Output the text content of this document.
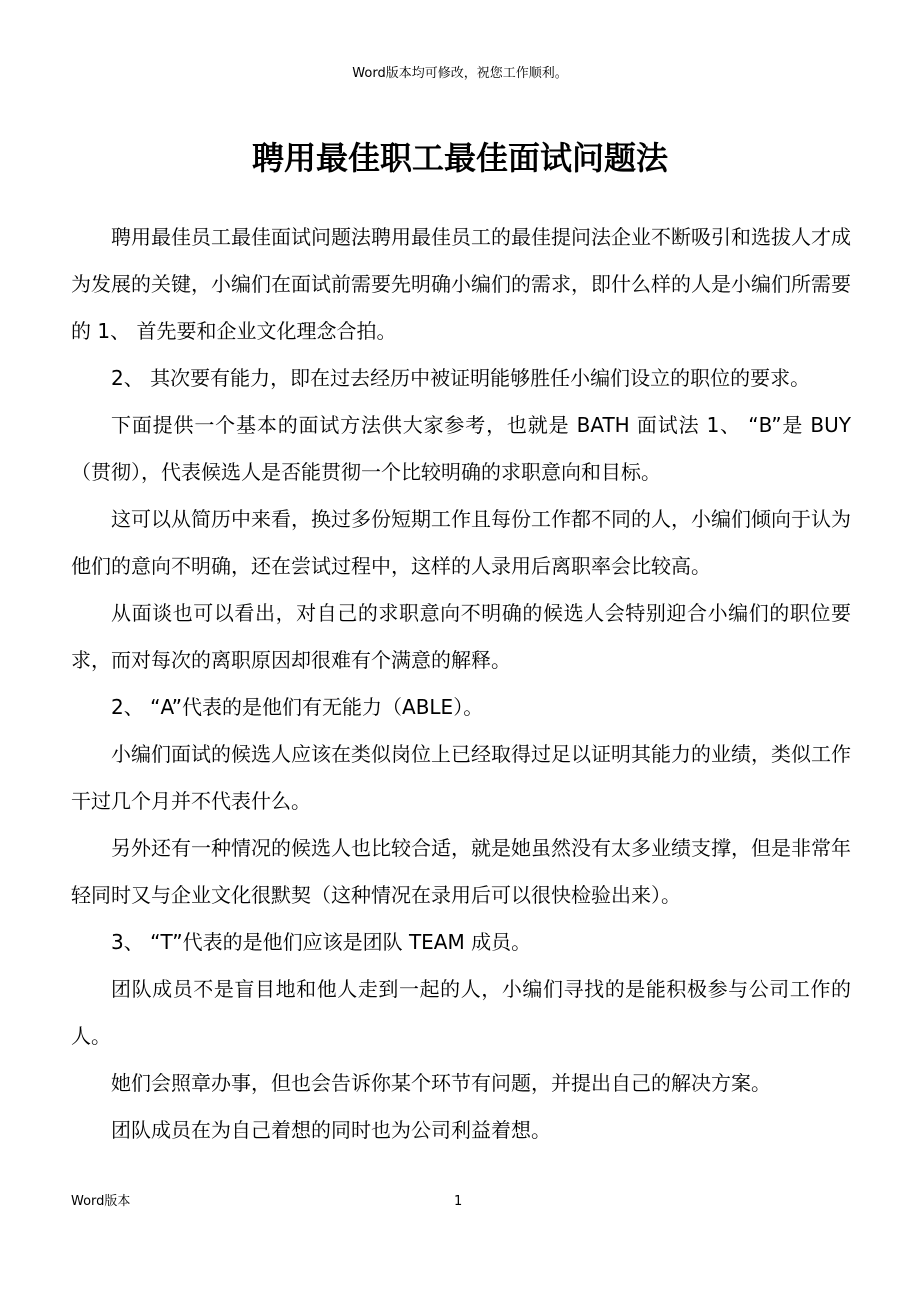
Word版本均可修改，祝您工作顺利。
聘用最佳职工最佳面试问题法

聘用最佳员工最佳面试问题法聘用最佳员工的最佳提问法企业不断吸引和选拔人才成为发展的关键，小编们在面试前需要先明确小编们的需求，即什么样的人是小编们所需要的 1、 首先要和企业文化理念合拍。

2、 其次要有能力，即在过去经历中被证明能够胜任小编们设立的职位的要求。

下面提供一个基本的面试方法供大家参考，也就是 BATH 面试法 1、 “B”是 BUY（贯彻），代表候选人是否能贯彻一个比较明确的求职意向和目标。

这可以从简历中来看，换过多份短期工作且每份工作都不同的人，小编们倾向于认为他们的意向不明确，还在尝试过程中，这样的人录用后离职率会比较高。

从面谈也可以看出，对自己的求职意向不明确的候选人会特别迎合小编们的职位要求，而对每次的离职原因却很难有个满意的解释。

2、 “A”代表的是他们有无能力（ABLE）。

小编们面试的候选人应该在类似岗位上已经取得过足以证明其能力的业绩，类似工作干过几个月并不代表什么。

另外还有一种情况的候选人也比较合适，就是她虽然没有太多业绩支撑，但是非常年轻同时又与企业文化很默契（这种情况在录用后可以很快检验出来）。

3、 “T”代表的是他们应该是团队 TEAM 成员。

团队成员不是盲目地和他人走到一起的人，小编们寻找的是能积极参与公司工作的人。

她们会照章办事，但也会告诉你某个环节有问题，并提出自己的解决方案。

团队成员在为自己着想的同时也为公司利益着想。

Word版本	1
